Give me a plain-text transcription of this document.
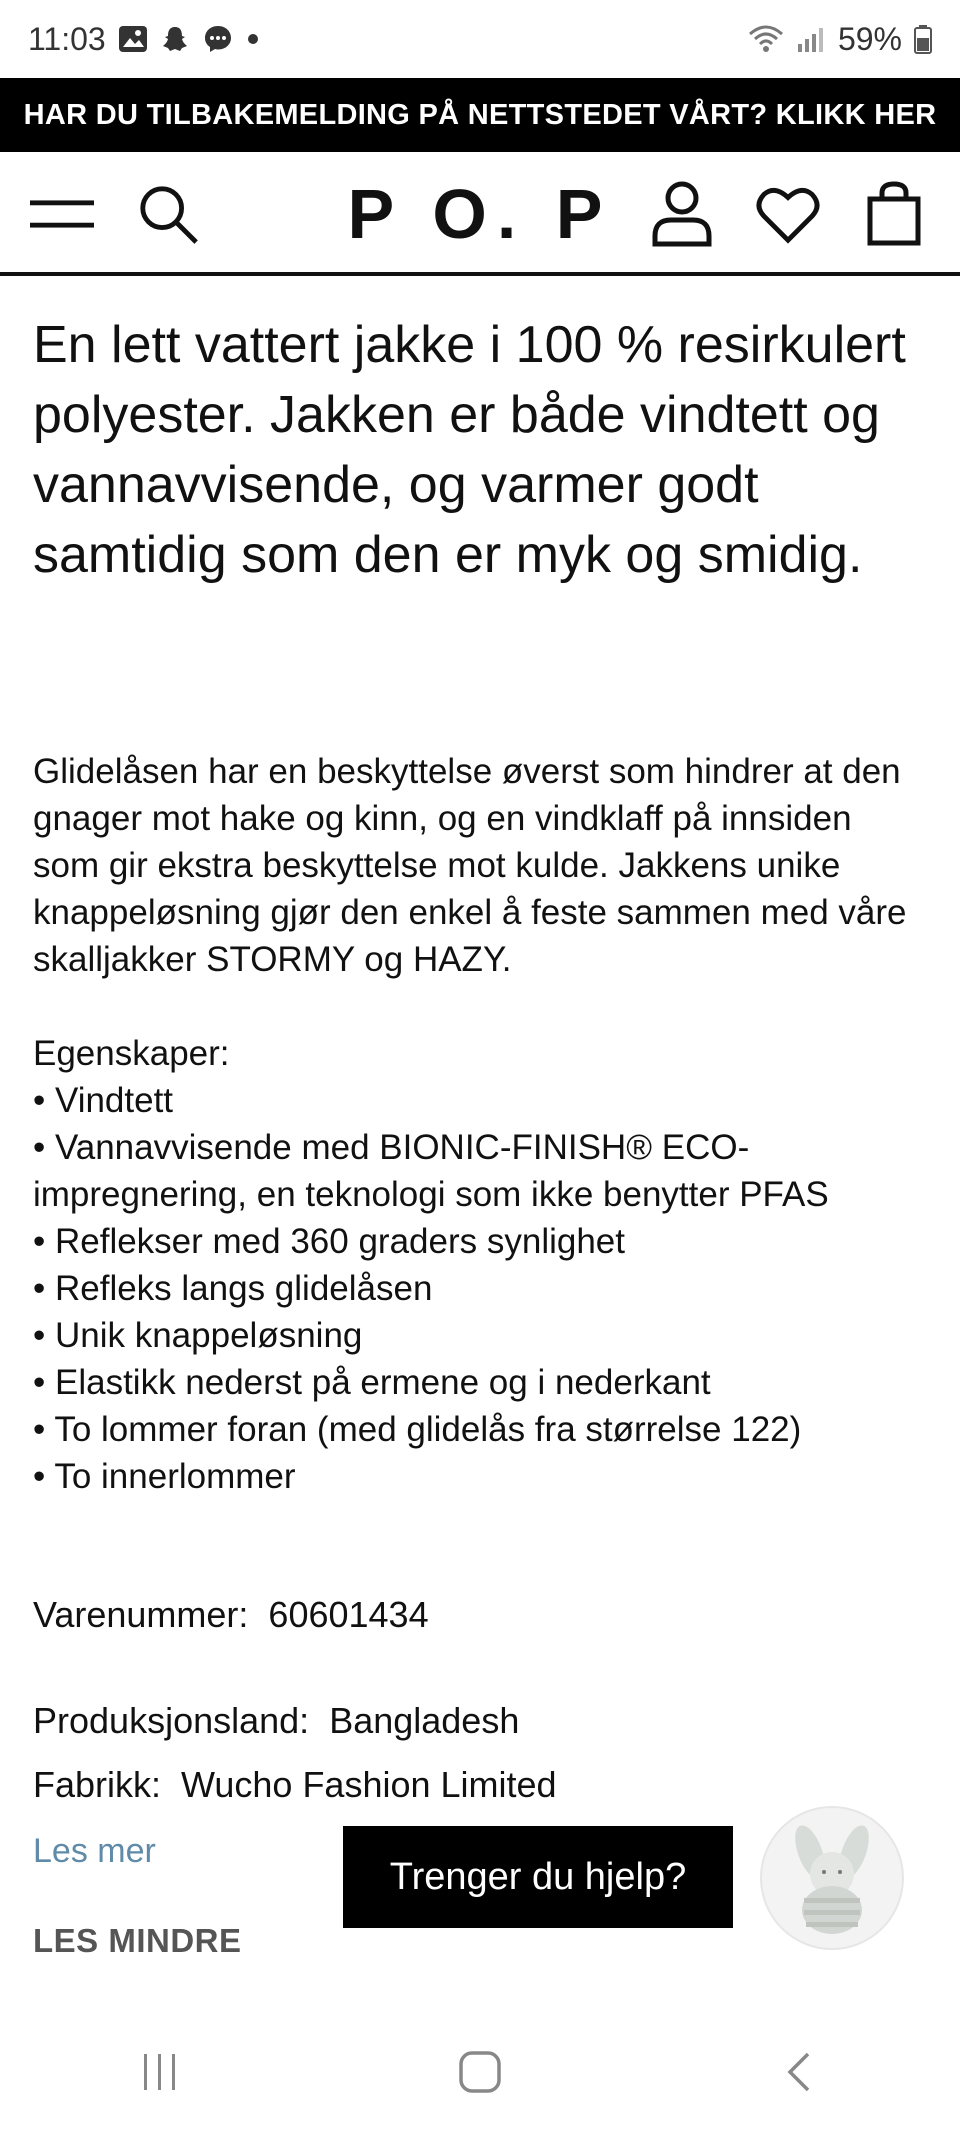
11:03	59%
HAR DU TILBAKEMELDING PÅ NETTSTEDET VÅRT? KLIKK HER
P O. P
En lett vattert jakke i 100 % resirkulert polyester. Jakken er både vindtett og vannavvisende, og varmer godt samtidig som den er myk og smidig.

Glidelåsen har en beskyttelse øverst som hindrer at den gnager mot hake og kinn, og en vindklaff på innsiden som gir ekstra beskyttelse mot kulde. Jakkens unike knappeløsning gjør den enkel å feste sammen med våre skalljakker STORMY og HAZY.

Egenskaper:
• Vindtett
• Vannavvisende med BIONIC-FINISH® ECO-impregnering, en teknologi som ikke benytter PFAS
• Reflekser med 360 graders synlighet
• Refleks langs glidelåsen
• Unik knappeløsning
• Elastikk nederst på ermene og i nederkant
• To lommer foran (med glidelås fra størrelse 122)
• To innerlommer
Varenummer: 60601434
Produksjonsland: Bangladesh
Fabrikk: Wucho Fashion Limited
Les mer
LES MINDRE
Trenger du hjelp?
